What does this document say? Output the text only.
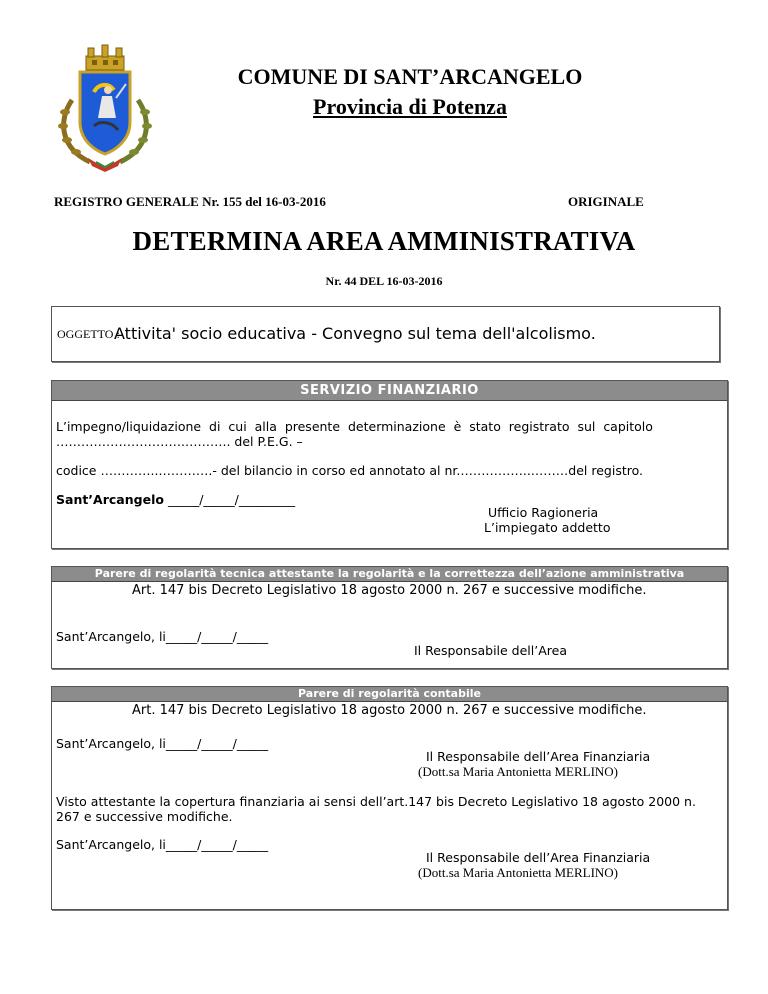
COMUNE DI SANT’ARCANGELO
Provincia di Potenza
REGISTRO GENERALE Nr. 155 del 16-03-2016	ORIGINALE
DETERMINA AREA AMMINISTRATIVA
Nr. 44 DEL 16-03-2016
OGGETTO :
Attivita' socio educativa - Convegno sul tema dell'alcolismo.
SERVIZIO FINANZIARIO
L’impegno/liquidazione  di  cui  alla  presente  determinazione  è  stato  registrato  sul  capitolo
………………………….……….. del P.E.G. –
codice …………..………….- del bilancio in corso ed annotato al nr.……………..………del registro.
Sant’Arcangelo _____/_____/_________
Ufficio Ragioneria
L’impiegato addetto
Parere di regolarità tecnica attestante la regolarità e la correttezza dell’azione amministrativa
Art. 147 bis Decreto Legislativo 18 agosto 2000 n. 267 e successive modifiche.
Sant’Arcangelo, li_____/_____/_____
Il Responsabile dell’Area
Parere di regolarità contabile
Art. 147 bis Decreto Legislativo 18 agosto 2000 n. 267 e successive modifiche.
Sant’Arcangelo, li_____/_____/_____
Il Responsabile dell’Area Finanziaria
(Dott.sa Maria Antonietta MERLINO)
Visto attestante la copertura finanziaria ai sensi dell’art.147 bis Decreto Legislativo 18 agosto 2000 n.
267 e successive modifiche.
Sant’Arcangelo, li_____/_____/_____
Il Responsabile dell’Area Finanziaria
(Dott.sa Maria Antonietta MERLINO)
